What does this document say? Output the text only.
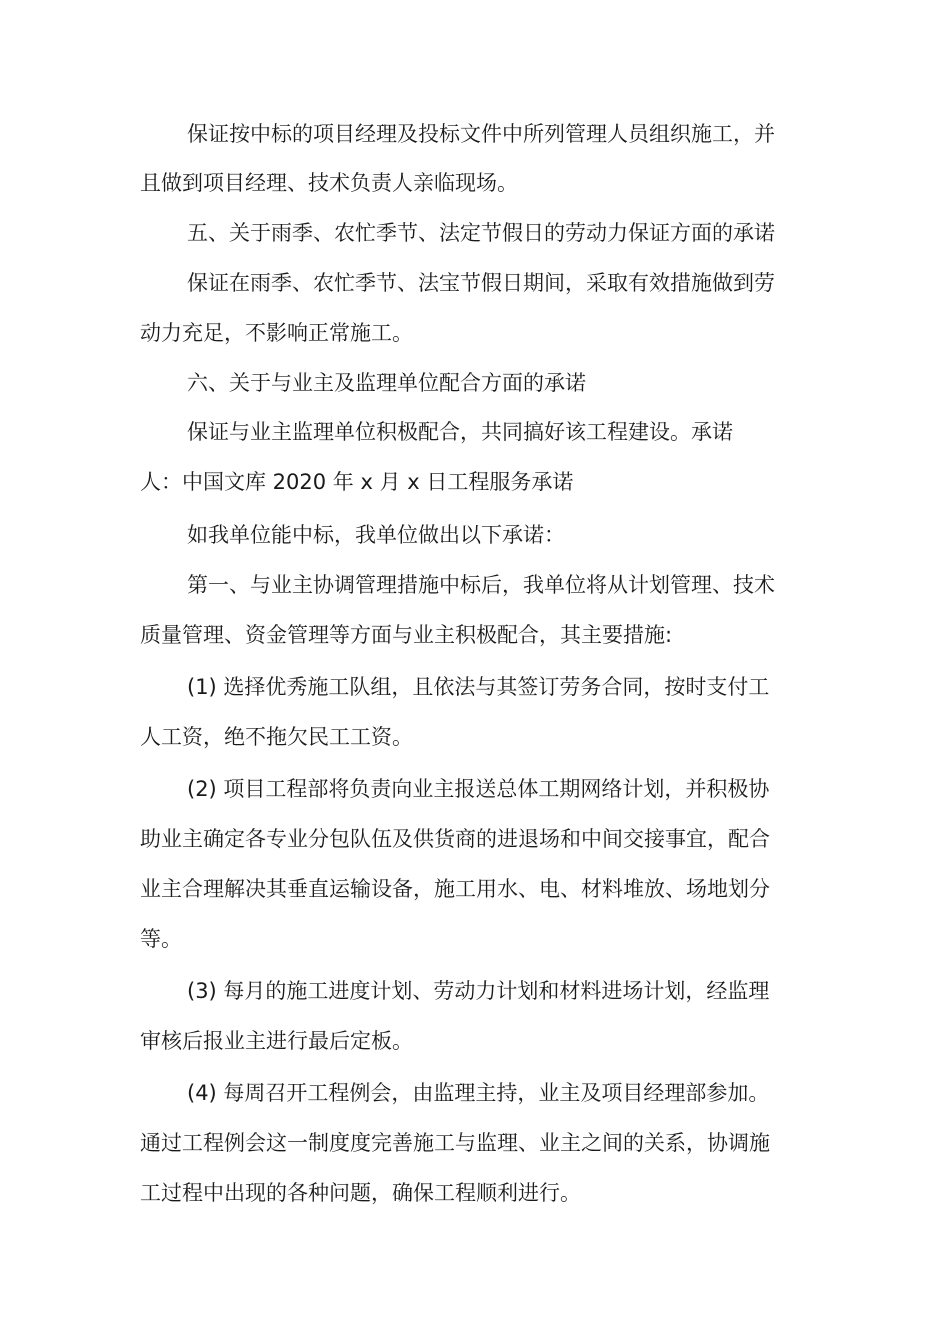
保证按中标的项目经理及投标文件中所列管理人员组织施工，并
且做到项目经理、技术负责人亲临现场。
五、关于雨季、农忙季节、法定节假日的劳动力保证方面的承诺
保证在雨季、农忙季节、法宝节假日期间，采取有效措施做到劳
动力充足，不影响正常施工。
六、关于与业主及监理单位配合方面的承诺
保证与业主监理单位积极配合，共同搞好该工程建设。承诺
人：中国文库 2020 年 x 月 x 日工程服务承诺
如我单位能中标，我单位做出以下承诺：
第一、与业主协调管理措施中标后，我单位将从计划管理、技术
质量管理、资金管理等方面与业主积极配合，其主要措施:
(1) 选择优秀施工队组，且依法与其签订劳务合同，按时支付工
人工资，绝不拖欠民工工资。
(2) 项目工程部将负责向业主报送总体工期网络计划，并积极协
助业主确定各专业分包队伍及供货商的进退场和中间交接事宜，配合
业主合理解决其垂直运输设备，施工用水、电、材料堆放、场地划分
等。
(3) 每月的施工进度计划、劳动力计划和材料进场计划，经监理
审核后报业主进行最后定板。
(4) 每周召开工程例会，由监理主持，业主及项目经理部参加。
通过工程例会这一制度度完善施工与监理、业主之间的关系，协调施
工过程中出现的各种问题，确保工程顺利进行。
